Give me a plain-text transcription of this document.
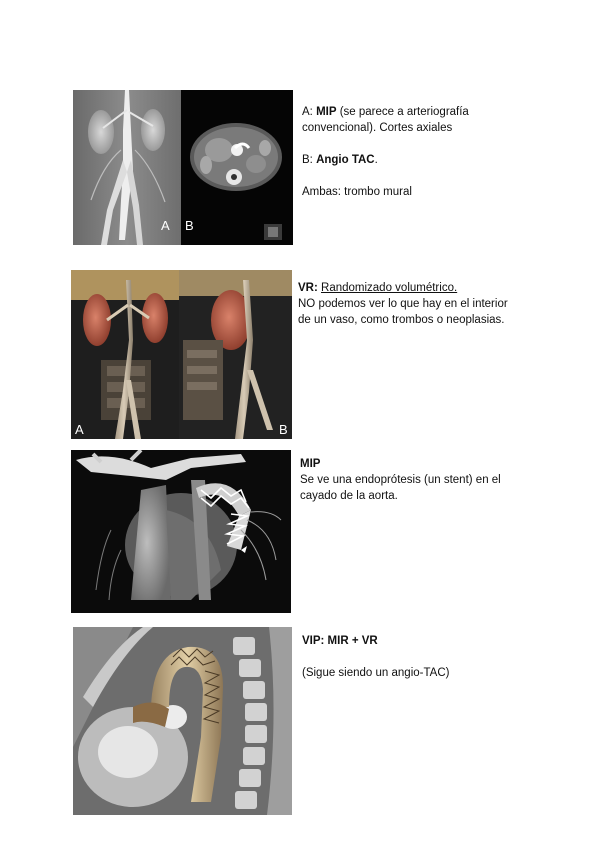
A B

A: MIP (se parece a arteriografía

convencional). Cortes axiales

B: Angio TAC.

Ambas: trombo mural

A	B

VR: Randomizado volumétrico.

NO podemos ver lo que hay en el interior

de un vaso, como trombos o neoplasias.

MIP

Se ve una endoprótesis (un stent) en el

cayado de la aorta.

VIP: MIR + VR

(Sigue siendo un angio-TAC)
